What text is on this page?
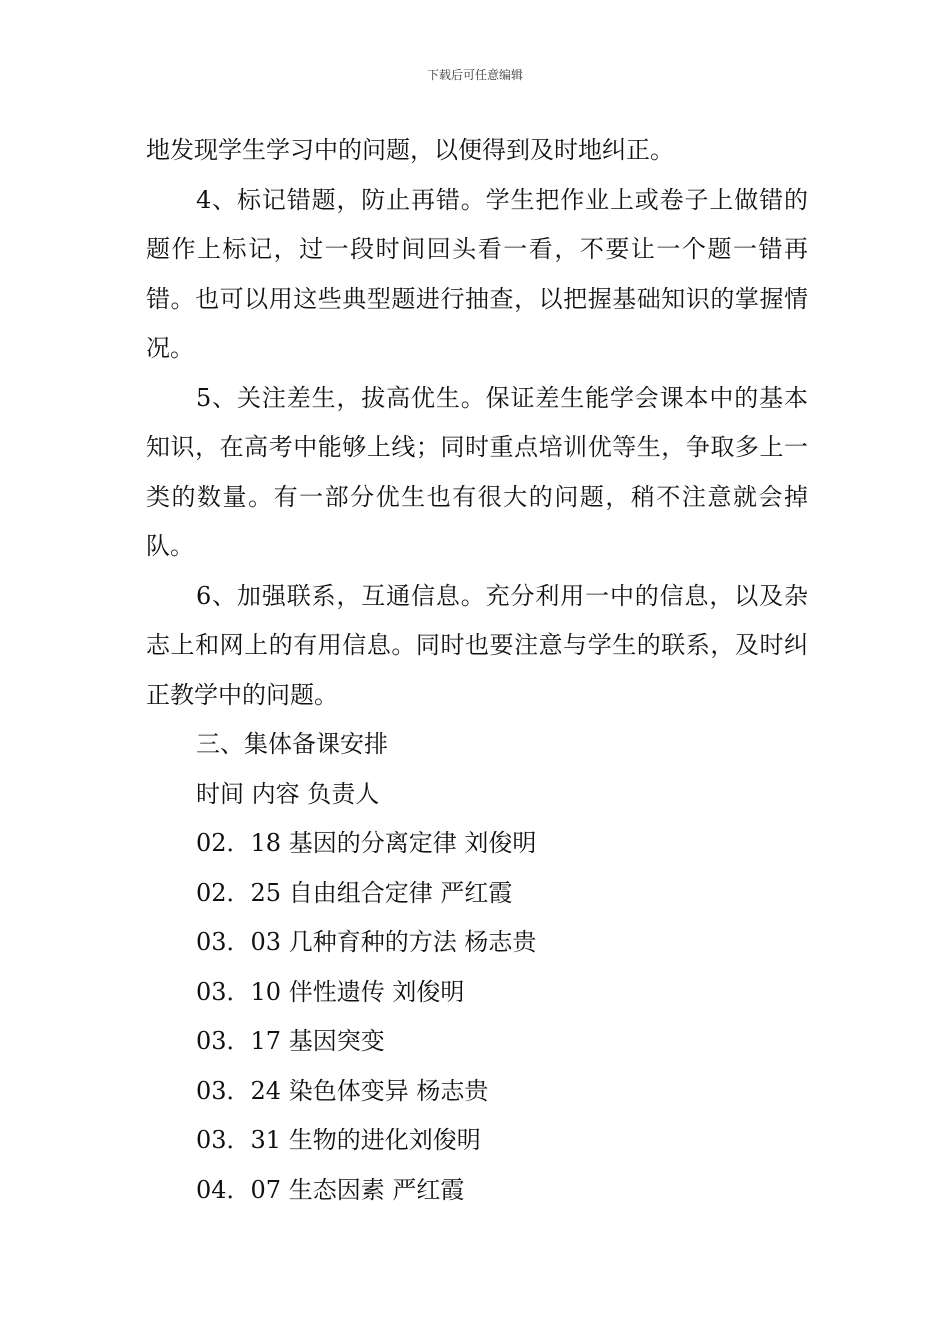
下载后可任意编辑

地发现学生学习中的问题，以便得到及时地纠正。

4、标记错题，防止再错。学生把作业上或卷子上做错的题作上标记，过一段时间回头看一看，不要让一个题一错再错。也可以用这些典型题进行抽查，以把握基础知识的掌握情况。

5、关注差生，拔高优生。保证差生能学会课本中的基本知识，在高考中能够上线；同时重点培训优等生，争取多上一类的数量。有一部分优生也有很大的问题，稍不注意就会掉队。

6、加强联系，互通信息。充分利用一中的信息，以及杂志上和网上的有用信息。同时也要注意与学生的联系，及时纠正教学中的问题。

三、集体备课安排
时间 内容 负责人
02．18 基因的分离定律 刘俊明
02．25 自由组合定律 严红霞
03．03 几种育种的方法 杨志贵
03．10 伴性遗传 刘俊明
03．17 基因突变
03．24 染色体变异 杨志贵
03．31 生物的进化刘俊明
04．07 生态因素 严红霞
